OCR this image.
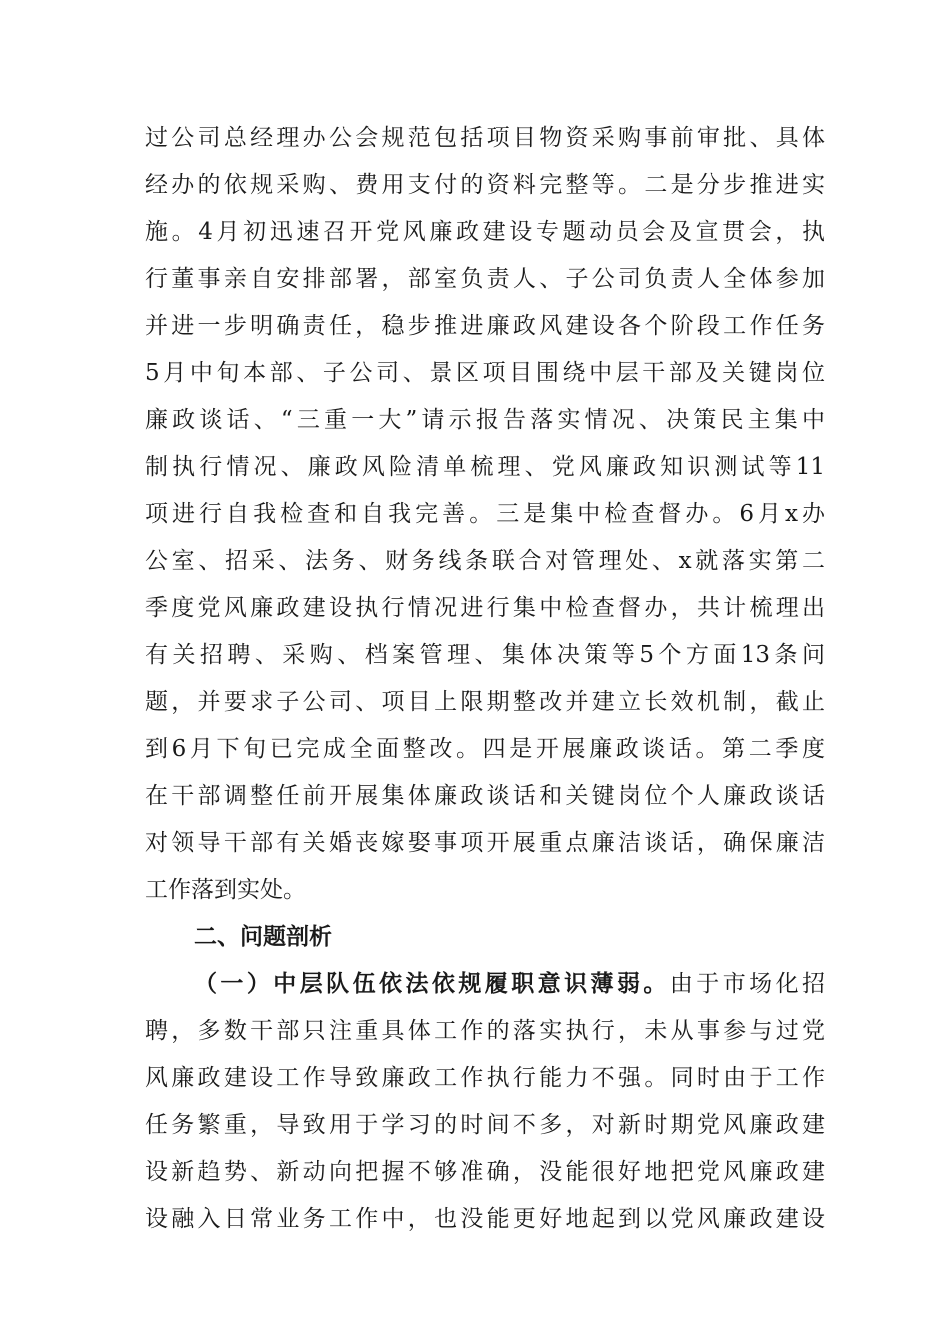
过公司总经理办公会规范包括项目物资采购事前审批、具体
经办的依规采购、费用支付的资料完整等。二是分步推进实
施。4月初迅速召开党风廉政建设专题动员会及宣贯会，执
行董事亲自安排部署，部室负责人、子公司负责人全体参加
并进一步明确责任，稳步推进廉政风建设各个阶段工作任务
5月中旬本部、子公司、景区项目围绕中层干部及关键岗位
廉政谈话、“三重一大”请示报告落实情况、决策民主集中
制执行情况、廉政风险清单梳理、党风廉政知识测试等11
项进行自我检查和自我完善。三是集中检查督办。6月x办
公室、招采、法务、财务线条联合对管理处、x就落实第二
季度党风廉政建设执行情况进行集中检查督办，共计梳理出
有关招聘、采购、档案管理、集体决策等5个方面13条问
题，并要求子公司、项目上限期整改并建立长效机制，截止
到6月下旬已完成全面整改。四是开展廉政谈话。第二季度
在干部调整任前开展集体廉政谈话和关键岗位个人廉政谈话
对领导干部有关婚丧嫁娶事项开展重点廉洁谈话，确保廉洁
工作落到实处。
二、问题剖析
（一）中层队伍依法依规履职意识薄弱。由于市场化招
聘，多数干部只注重具体工作的落实执行，未从事参与过党
风廉政建设工作导致廉政工作执行能力不强。同时由于工作
任务繁重，导致用于学习的时间不多，对新时期党风廉政建
设新趋势、新动向把握不够准确，没能很好地把党风廉政建
设融入日常业务工作中，也没能更好地起到以党风廉政建设
